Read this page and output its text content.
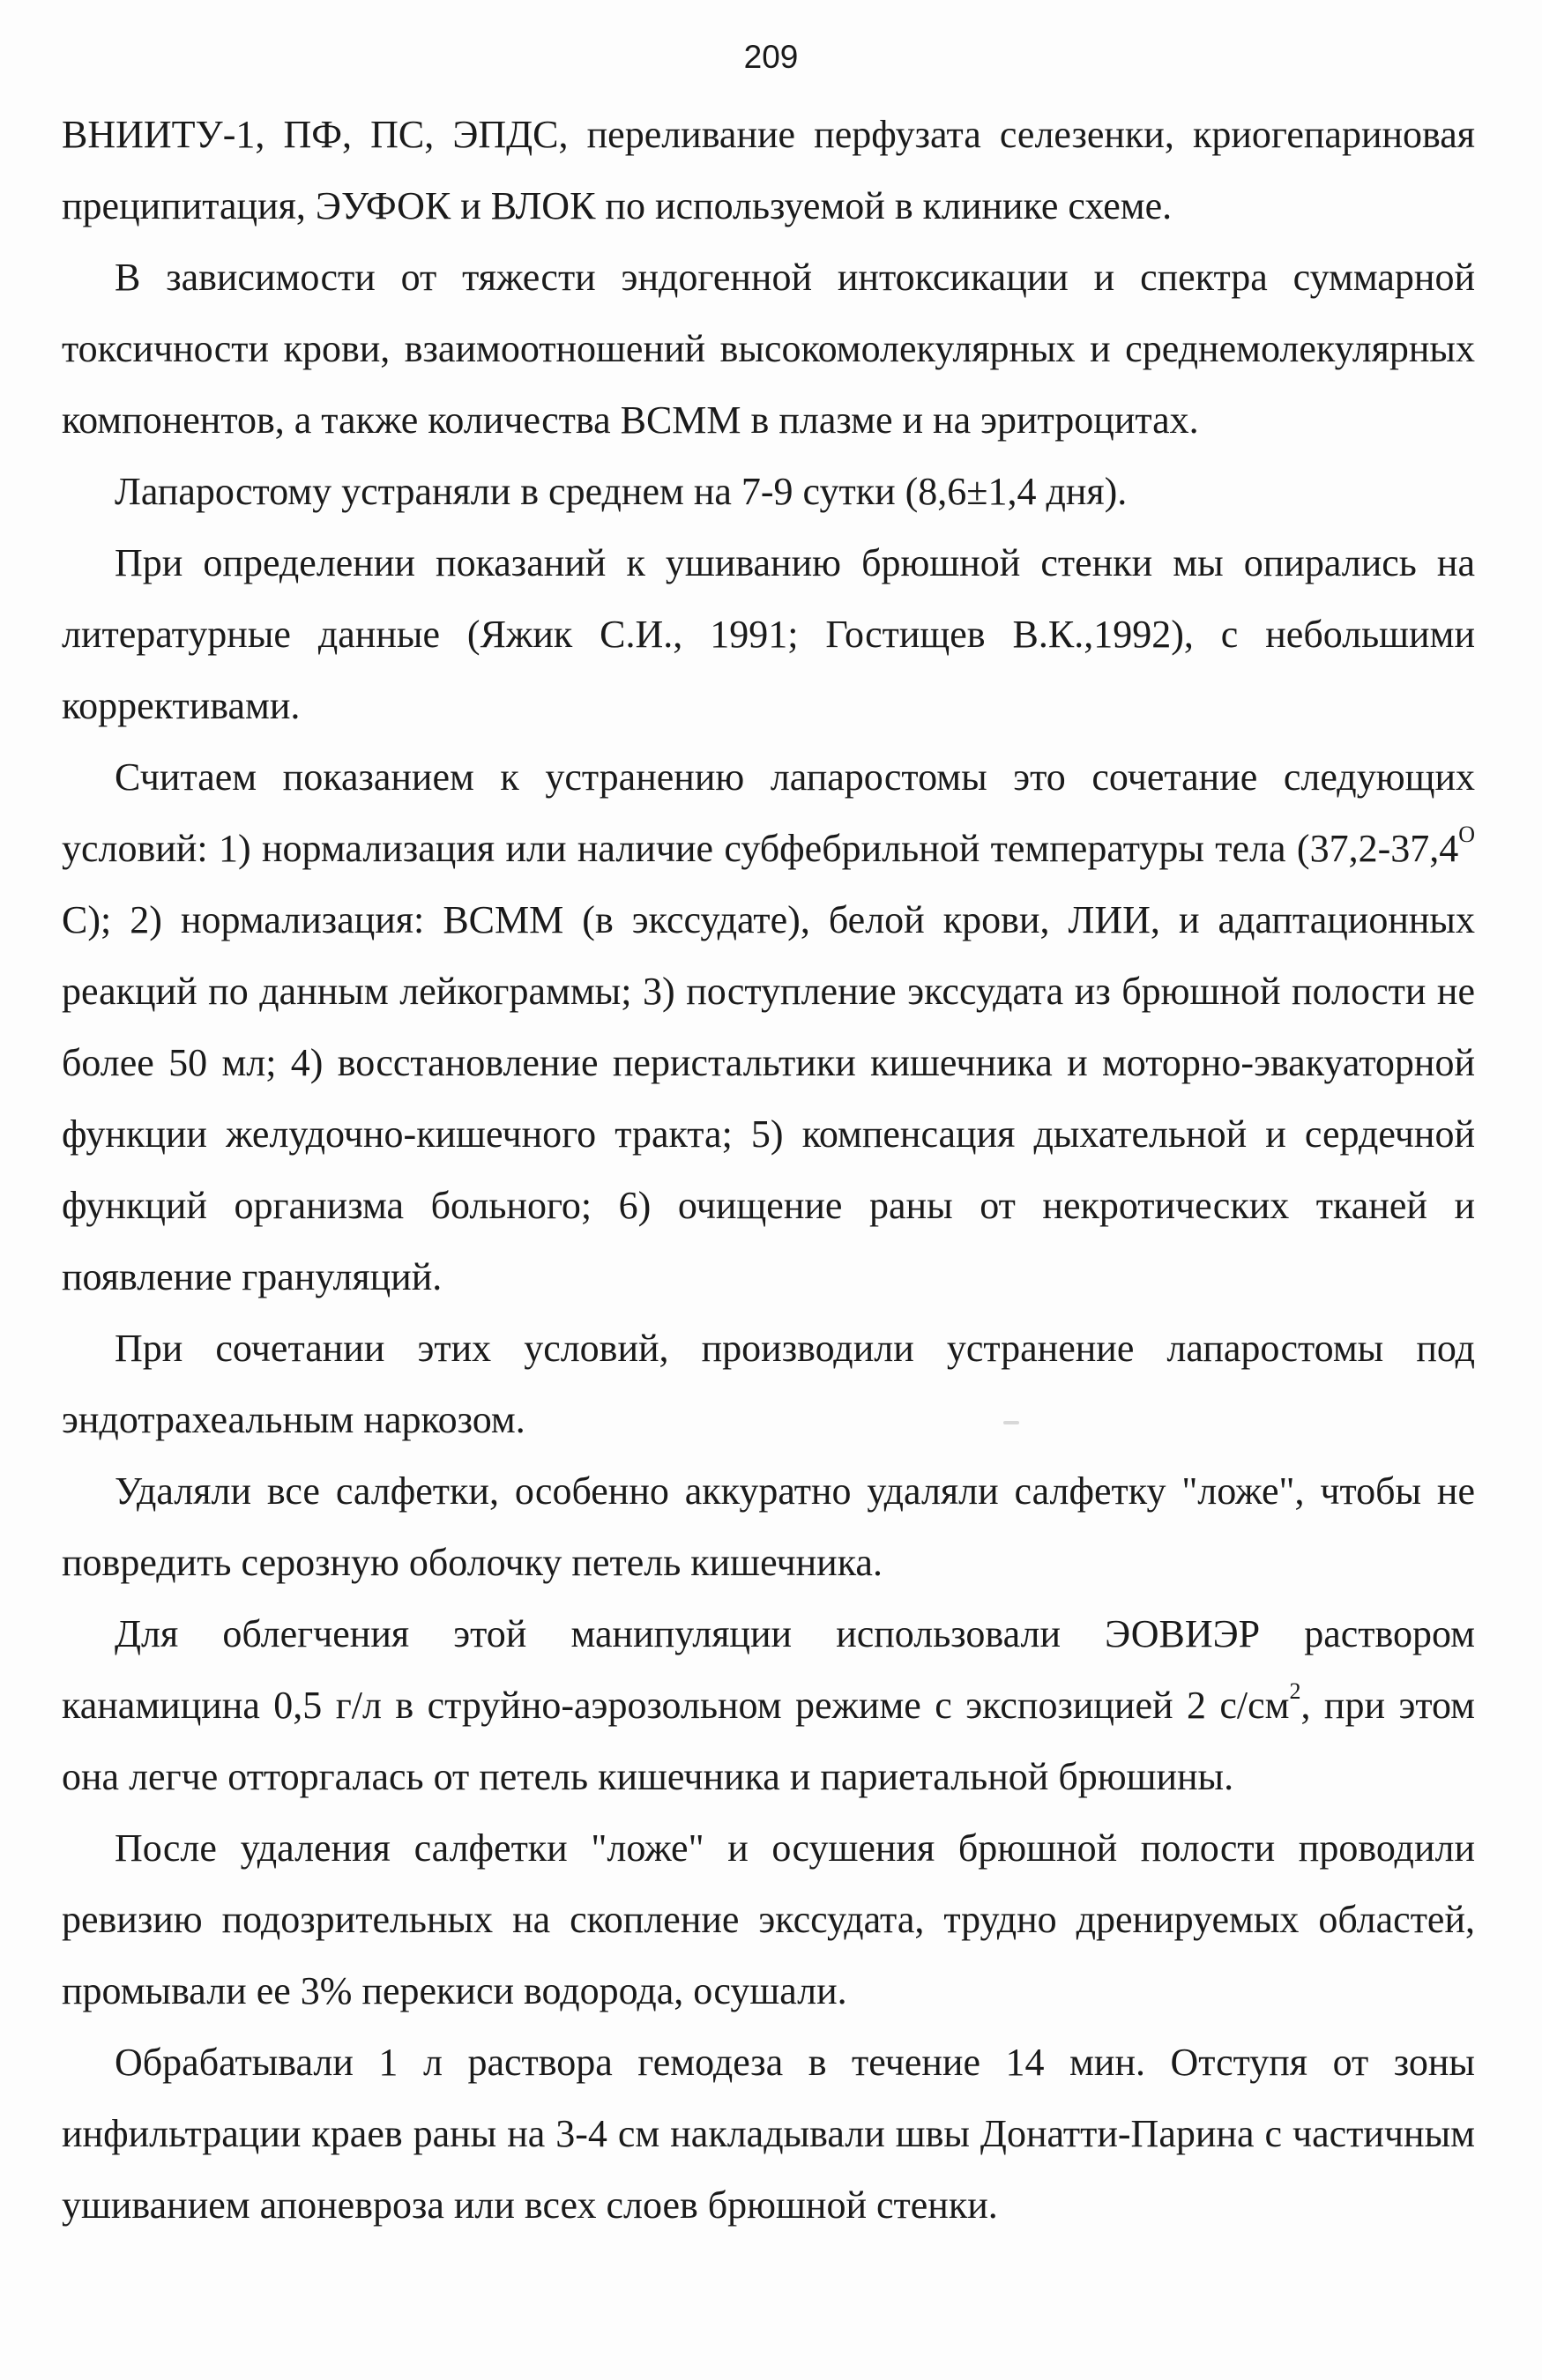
209

ВНИИТУ-1, ПФ, ПС, ЭПДС, переливание перфузата селезенки, криогепариновая преципитация, ЭУФОК и ВЛОК по используемой в клинике схеме.

В зависимости от тяжести эндогенной интоксикации и спектра суммарной токсичности крови, взаимоотношений высокомолекулярных и среднемолекулярных компонентов, а также количества ВСММ в плазме и на эритроцитах.

Лапаростому устраняли в среднем на 7-9 сутки (8,6±1,4 дня).

При определении показаний к ушиванию брюшной стенки мы опирались на литературные данные (Яжик С.И., 1991; Гостищев В.К.,1992), с небольшими коррективами.

Считаем показанием к устранению лапаростомы это сочетание следующих условий: 1) нормализация или наличие субфебрильной температуры тела ($37,2-37,4^О$ С); 2) нормализация: ВСММ (в экссудате), белой крови, ЛИИ, и адаптационных реакций по данным лейкограммы; 3) поступление экссудата из брюшной полости не более 50 мл; 4) восстановление перистальтики кишечника и моторно-эвакуаторной функции желудочно-кишечного тракта; 5) компенсация дыхательной и сердечной функций организма больного; 6) очищение раны от некротических тканей и появление грануляций.

При сочетании этих условий, производили устранение лапаростомы под эндотрахеальным наркозом.

Удаляли все салфетки, особенно аккуратно удаляли салфетку "ложе", чтобы не повредить серозную оболочку петель кишечника.

Для облегчения этой манипуляции использовали ЭОВИЭР раствором канамицина 0,5 г/л в струйно-аэрозольном режиме с экспозицией 2 $с/см^2$, при этом она легче отторгалась от петель кишечника и париетальной брюшины.

После удаления салфетки "ложе" и осушения брюшной полости проводили ревизию подозрительных на скопление экссудата, трудно дренируемых областей, промывали ее 3% перекиси водорода, осушали.

Обрабатывали 1 л раствора гемодеза в течение 14 мин. Отступя от зоны инфильтрации краев раны на 3-4 см накладывали швы Донатти-Парина с частичным ушиванием апоневроза или всех слоев брюшной стенки.
